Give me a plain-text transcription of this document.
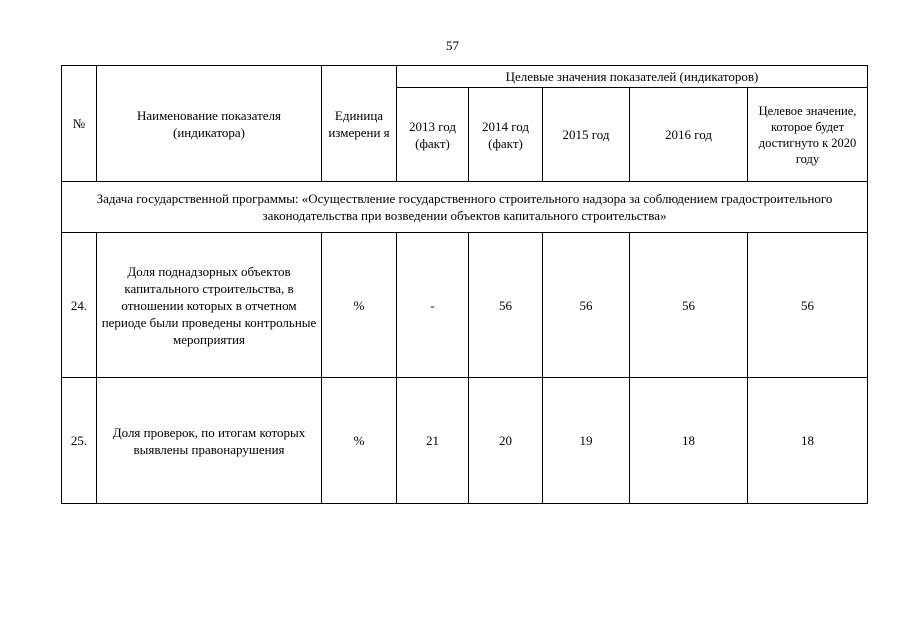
57
№	Наименование показателя (индикатора)	Единица измерени я	Целевые значения показателей (индикаторов)				
			2013 год (факт)	2014 год (факт)	2015 год	2016 год	Целевое значение, которое будет достигнуто к 2020 году
Задача государственной программы: «Осуществление государственного строительного надзора за соблюдением градостроительного законодательства при возведении объектов капитального строительства»							
24.	Доля поднадзорных объектов капитального строительства, в отношении которых в отчетном периоде были проведены контрольные мероприятия	%	-	56	56	56	56
25.	Доля проверок, по итогам которых выявлены правонарушения	%	21	20	19	18	18
